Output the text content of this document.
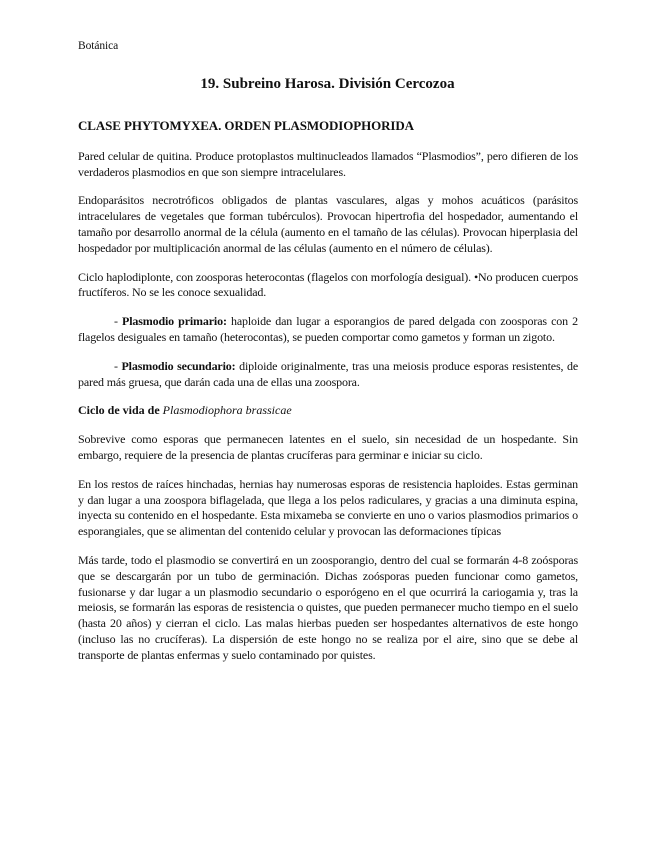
Botánica
19. Subreino Harosa. División Cercozoa
CLASE PHYTOMYXEA. ORDEN PLASMODIOPHORIDA

Pared celular de quitina. Produce protoplastos multinucleados llamados “Plasmodios”, pero difieren de los verdaderos plasmodios en que son siempre intracelulares.

Endoparásitos necrotróficos obligados de plantas vasculares, algas y mohos acuáticos (parásitos intracelulares de vegetales que forman tubérculos). Provocan hipertrofia del hospedador, aumentando el tamaño por desarrollo anormal de la célula (aumento en el tamaño de las células). Provocan hiperplasia del hospedador por multiplicación anormal de las células (aumento en el número de células).

Ciclo haplodiplonte, con zoosporas heterocontas (flagelos con morfología desigual). •No producen cuerpos fructíferos. No se les conoce sexualidad.

- Plasmodio primario: haploide dan lugar a esporangios de pared delgada con zoosporas con 2 flagelos desiguales en tamaño (heterocontas), se pueden comportar como gametos y forman un zigoto.

- Plasmodio secundario: diploide originalmente, tras una meiosis produce esporas resistentes, de pared más gruesa, que darán cada una de ellas una zoospora.

Ciclo de vida de Plasmodiophora brassicae

Sobrevive como esporas que permanecen latentes en el suelo, sin necesidad de un hospedante. Sin embargo, requiere de la presencia de plantas crucíferas para germinar e iniciar su ciclo.

En los restos de raíces hinchadas, hernias hay numerosas esporas de resistencia haploides. Estas germinan y dan lugar a una zoospora biflagelada, que llega a los pelos radiculares, y gracias a una diminuta espina, inyecta su contenido en el hospedante. Esta mixameba se convierte en uno o varios plasmodios primarios o esporangiales, que se alimentan del contenido celular y provocan las deformaciones típicas

Más tarde, todo el plasmodio se convertirá en un zoosporangio, dentro del cual se formarán 4-8 zoósporas que se descargarán por un tubo de germinación. Dichas zoósporas pueden funcionar como gametos, fusionarse y dar lugar a un plasmodio secundario o esporógeno en el que ocurrirá la cariogamia y, tras la meiosis, se formarán las esporas de resistencia o quistes, que pueden permanecer mucho tiempo en el suelo (hasta 20 años) y cierran el ciclo. Las malas hierbas pueden ser hospedantes alternativos de este hongo (incluso las no crucíferas). La dispersión de este hongo no se realiza por el aire, sino que se debe al transporte de plantas enfermas y suelo contaminado por quistes.
